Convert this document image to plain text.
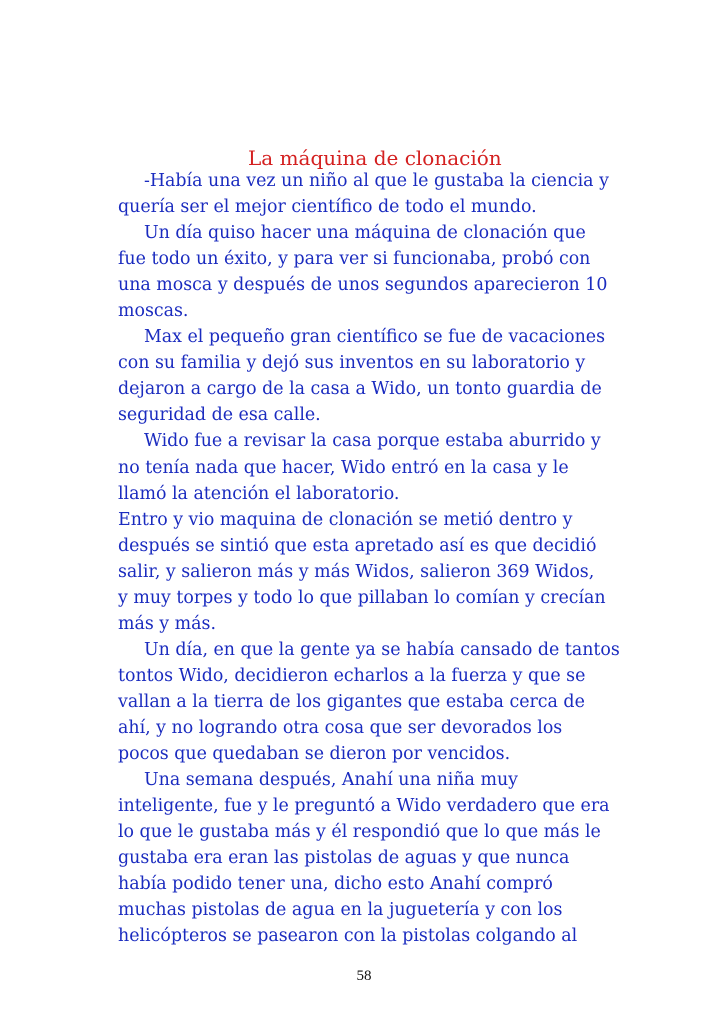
La máquina de clonación
-Había una vez un niño al que le gustaba la ciencia y
quería ser el mejor científico de todo el mundo.
Un día quiso hacer una máquina de clonación que
fue todo un éxito, y para ver si funcionaba, probó con
una mosca y después de unos segundos aparecieron 10
moscas.
Max el pequeño gran científico se fue de vacaciones
con su familia y dejó sus inventos en su laboratorio y
dejaron a cargo de la casa a Wido, un tonto guardia de
seguridad de esa calle.
Wido fue a revisar la casa porque estaba aburrido y
no tenía nada que hacer, Wido entró en la casa y le
llamó la atención el laboratorio.
Entro y vio maquina de clonación se metió dentro y
después se sintió que esta apretado así es que decidió
salir, y salieron más y más Widos, salieron 369 Widos,
y muy torpes y todo lo que pillaban lo comían y crecían
más y más.
Un día, en que la gente ya se había cansado de tantos
tontos Wido, decidieron echarlos a la fuerza y que se
vallan a la tierra de los gigantes que estaba cerca de
ahí, y no logrando otra cosa que ser devorados los
pocos que quedaban se dieron por vencidos.
Una semana después, Anahí una niña muy
inteligente, fue y le preguntó a Wido verdadero que era
lo que le gustaba más y él respondió que lo que más le
gustaba era eran las pistolas de aguas y que nunca
había podido tener una, dicho esto Anahí compró
muchas pistolas de agua en la juguetería y con los
helicópteros se pasearon con la pistolas colgando al
58
